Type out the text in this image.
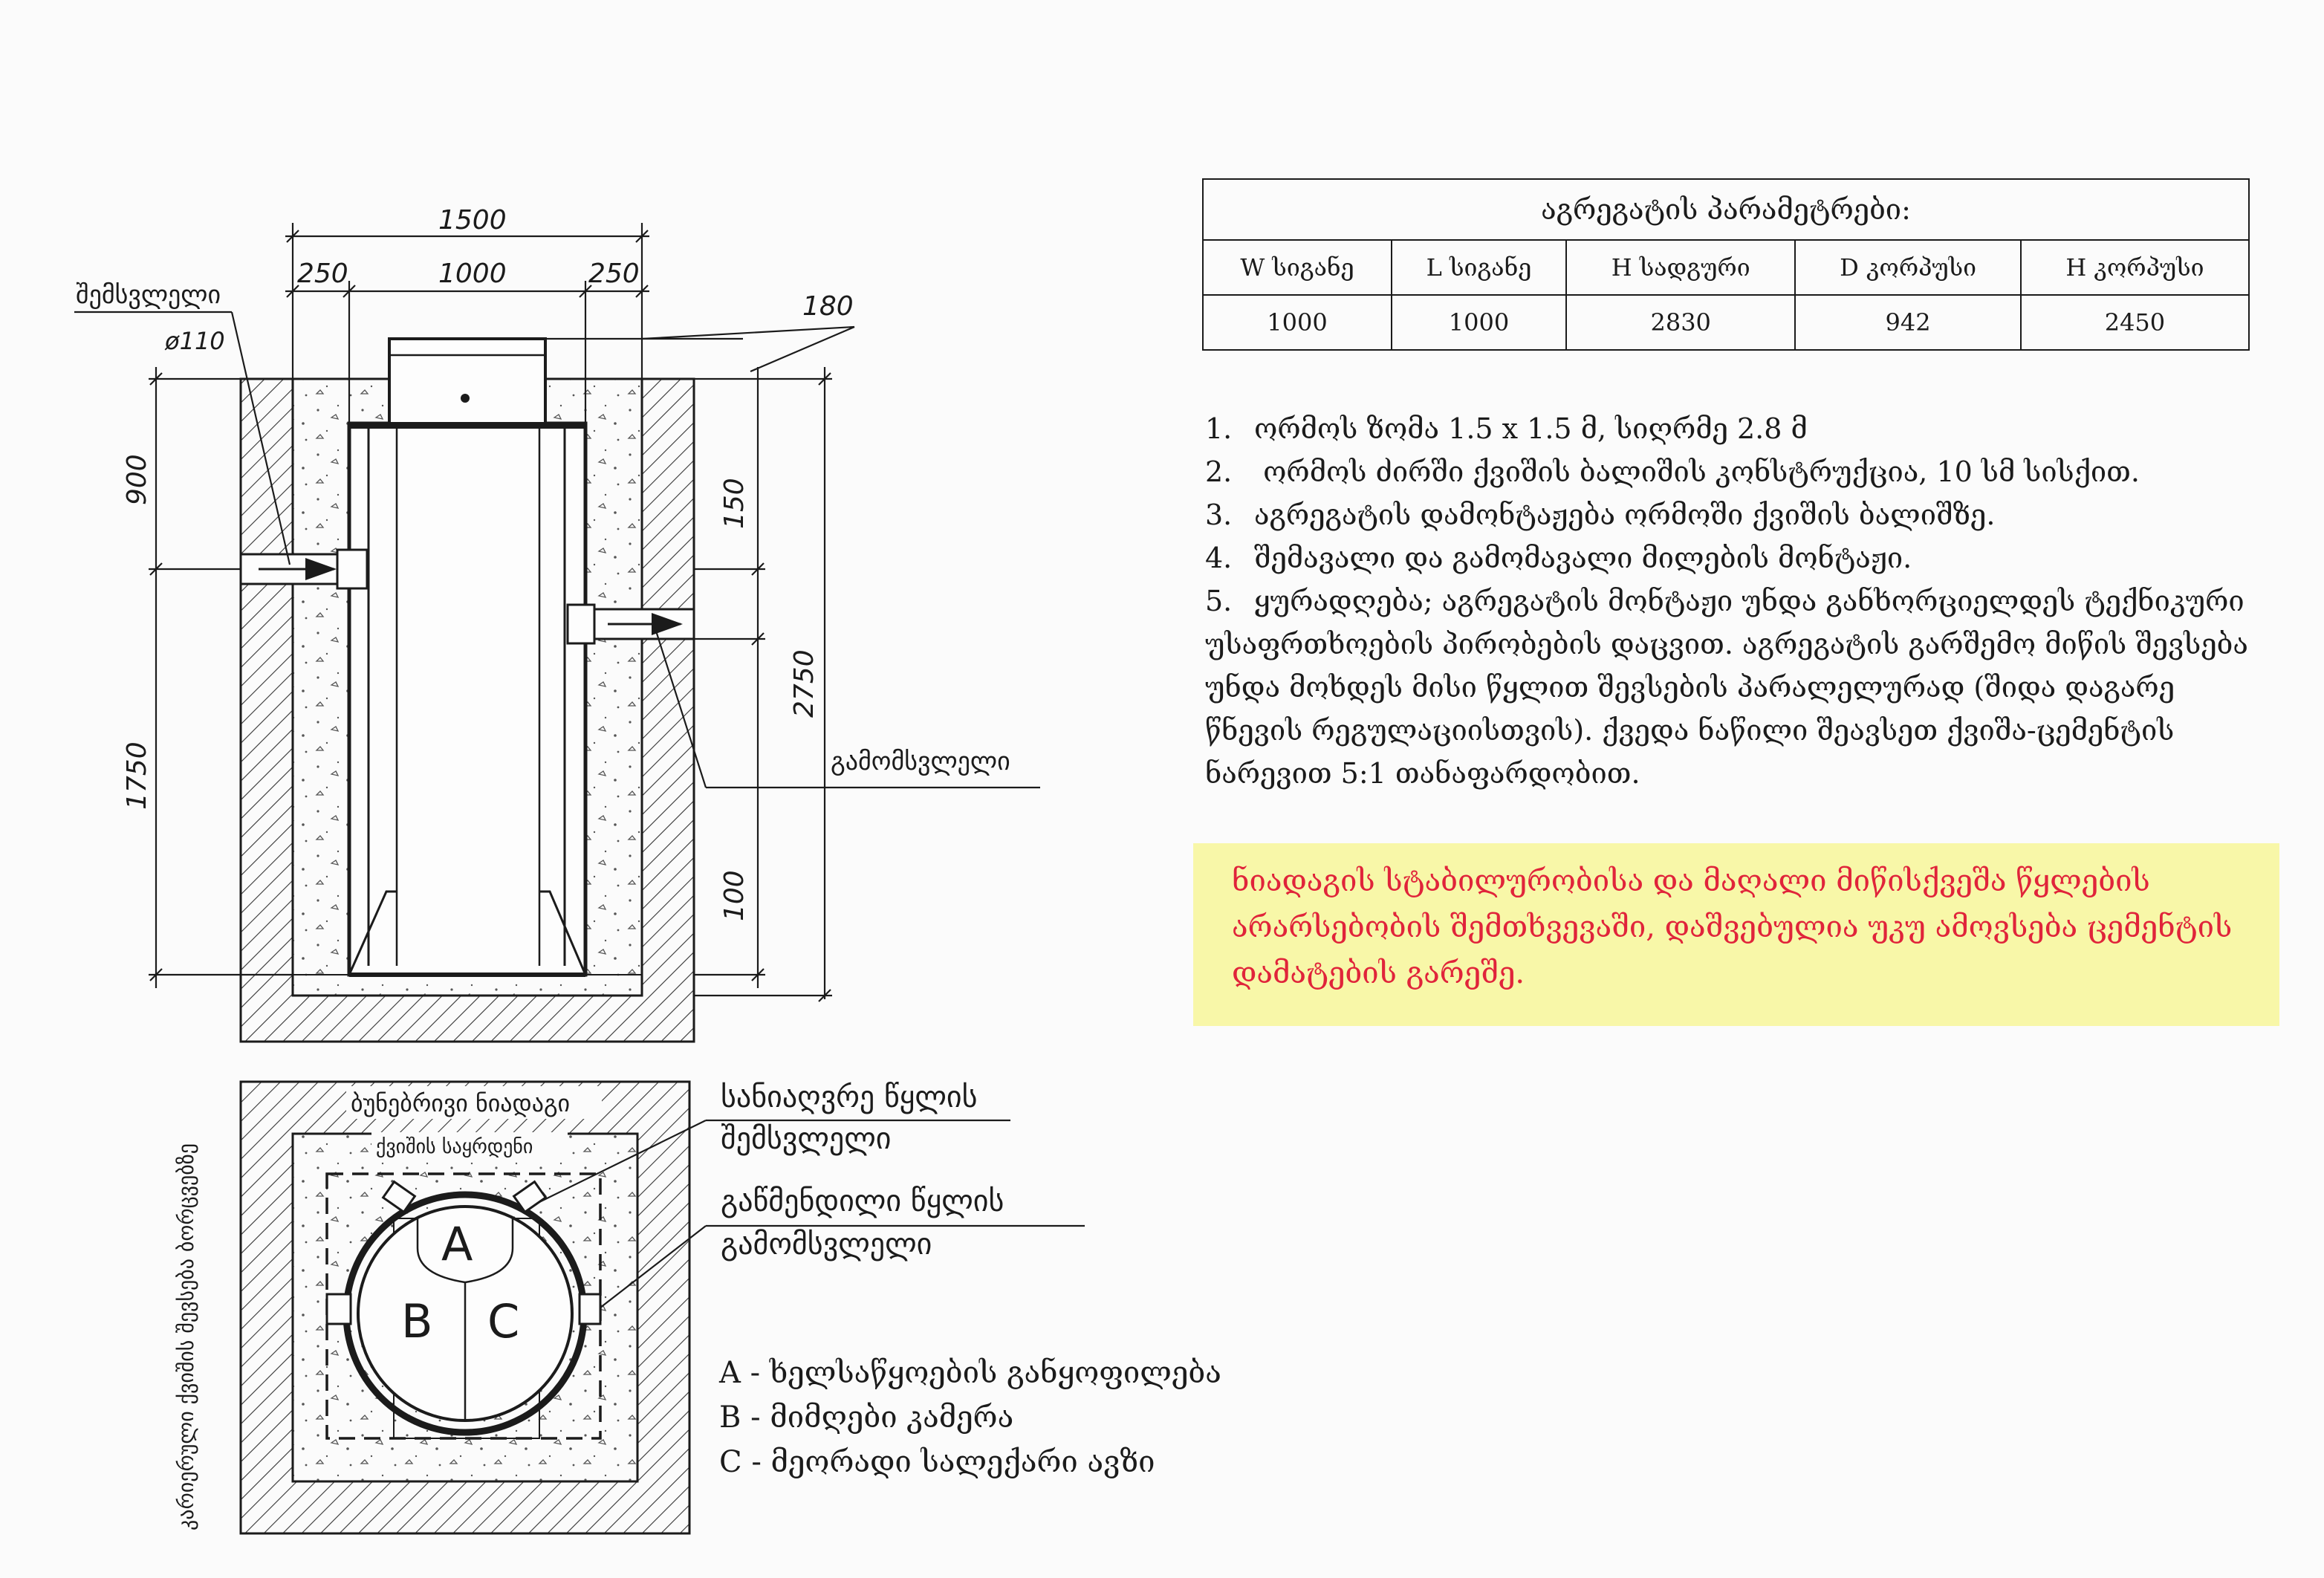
1500
250	1000	250
180
900
1750
150
2750
100
შემსვლელი
ø110
გამომსვლელი
ბუნებრივი ნიადაგი
ქვიშის საყრდენი
კარიერული ქვიშის შევსება ბორცვებზე	A
B C
სანიაღვრე წყლის
შემსვლელი
გაწმენდილი წყლის
გამომსვლელი
აგრეგატის პარამეტრები:				
W სიგანე	L სიგანე	H სადგური	D კორპუსი	H კორპუსი
1000	1000	2830	942	2450
1. ორმოს ზომა 1.5 x 1.5 მ, სიღრმე 2.8 მ
2. ორმოს ძირში ქვიშის ბალიშის კონსტრუქცია, 10 სმ სისქით.
3. აგრეგატის დამონტაჟება ორმოში ქვიშის ბალიშზე.
4. შემავალი და გამომავალი მილების მონტაჟი.
5. ყურადღება; აგრეგატის მონტაჟი უნდა განხორციელდეს ტექნიკური უსაფრთხოების პირობების დაცვით. აგრეგატის გარშემო მიწის შევსება უნდა მოხდეს მისი წყლით შევსების პარალელურად (შიდა დაგარე წნევის რეგულაციისთვის). ქვედა ნაწილი შეავსეთ ქვიშა-ცემენტის ნარევით 5:1 თანაფარდობით.
ნიადაგის სტაბილურობისა და მაღალი მიწისქვეშა წყლების არარსებობის შემთხვევაში, დაშვებულია უკუ ამოვსება ცემენტის დამატების გარეშე.
A - ხელსაწყოების განყოფილება
B - მიმღები კამერა
C - მეორადი სალექარი ავზი
